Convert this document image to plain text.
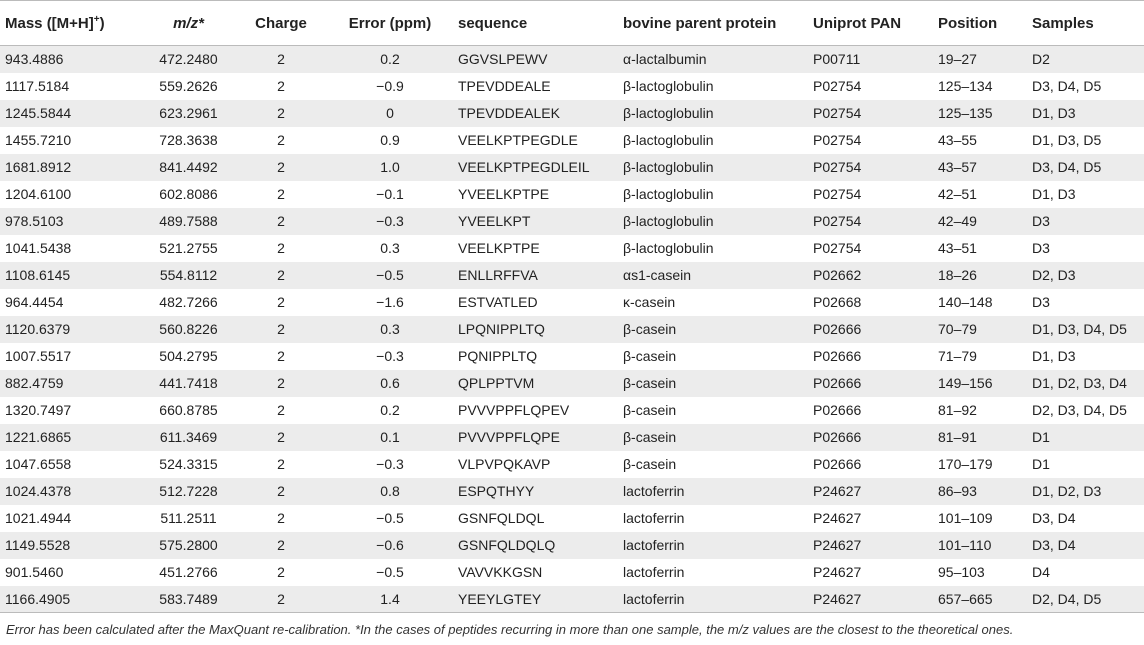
Mass ([M+H]+)	m/z*	Charge	Error (ppm)	sequence	bovine parent protein	Uniprot PAN	Position	Samples
943.4886	472.2480	2	0.2	GGVSLPEWV	α-lactalbumin	P00711	19–27	D2
1117.5184	559.2626	2	−0.9	TPEVDDEALE	β-lactoglobulin	P02754	125–134	D3, D4, D5
1245.5844	623.2961	2	0	TPEVDDEALEK	β-lactoglobulin	P02754	125–135	D1, D3
1455.7210	728.3638	2	0.9	VEELKPTPEGDLE	β-lactoglobulin	P02754	43–55	D1, D3, D5
1681.8912	841.4492	2	1.0	VEELKPTPEGDLEIL	β-lactoglobulin	P02754	43–57	D3, D4, D5
1204.6100	602.8086	2	−0.1	YVEELKPTPE	β-lactoglobulin	P02754	42–51	D1, D3
978.5103	489.7588	2	−0.3	YVEELKPT	β-lactoglobulin	P02754	42–49	D3
1041.5438	521.2755	2	0.3	VEELKPTPE	β-lactoglobulin	P02754	43–51	D3
1108.6145	554.8112	2	−0.5	ENLLRFFVA	αs1-casein	P02662	18–26	D2, D3
964.4454	482.7266	2	−1.6	ESTVATLED	κ-casein	P02668	140–148	D3
1120.6379	560.8226	2	0.3	LPQNIPPLTQ	β-casein	P02666	70–79	D1, D3, D4, D5
1007.5517	504.2795	2	−0.3	PQNIPPLTQ	β-casein	P02666	71–79	D1, D3
882.4759	441.7418	2	0.6	QPLPPTVM	β-casein	P02666	149–156	D1, D2, D3, D4
1320.7497	660.8785	2	0.2	PVVVPPFLQPEV	β-casein	P02666	81–92	D2, D3, D4, D5
1221.6865	611.3469	2	0.1	PVVVPPFLQPE	β-casein	P02666	81–91	D1
1047.6558	524.3315	2	−0.3	VLPVPQKAVP	β-casein	P02666	170–179	D1
1024.4378	512.7228	2	0.8	ESPQTHYY	lactoferrin	P24627	86–93	D1, D2, D3
1021.4944	511.2511	2	−0.5	GSNFQLDQL	lactoferrin	P24627	101–109	D3, D4
1149.5528	575.2800	2	−0.6	GSNFQLDQLQ	lactoferrin	P24627	101–110	D3, D4
901.5460	451.2766	2	−0.5	VAVVKKGSN	lactoferrin	P24627	95–103	D4
1166.4905	583.7489	2	1.4	YEEYLGTEY	lactoferrin	P24627	657–665	D2, D4, D5
Error has been calculated after the MaxQuant re-calibration. *In the cases of peptides recurring in more than one sample, the m/z values are the closest to the theoretical ones.
